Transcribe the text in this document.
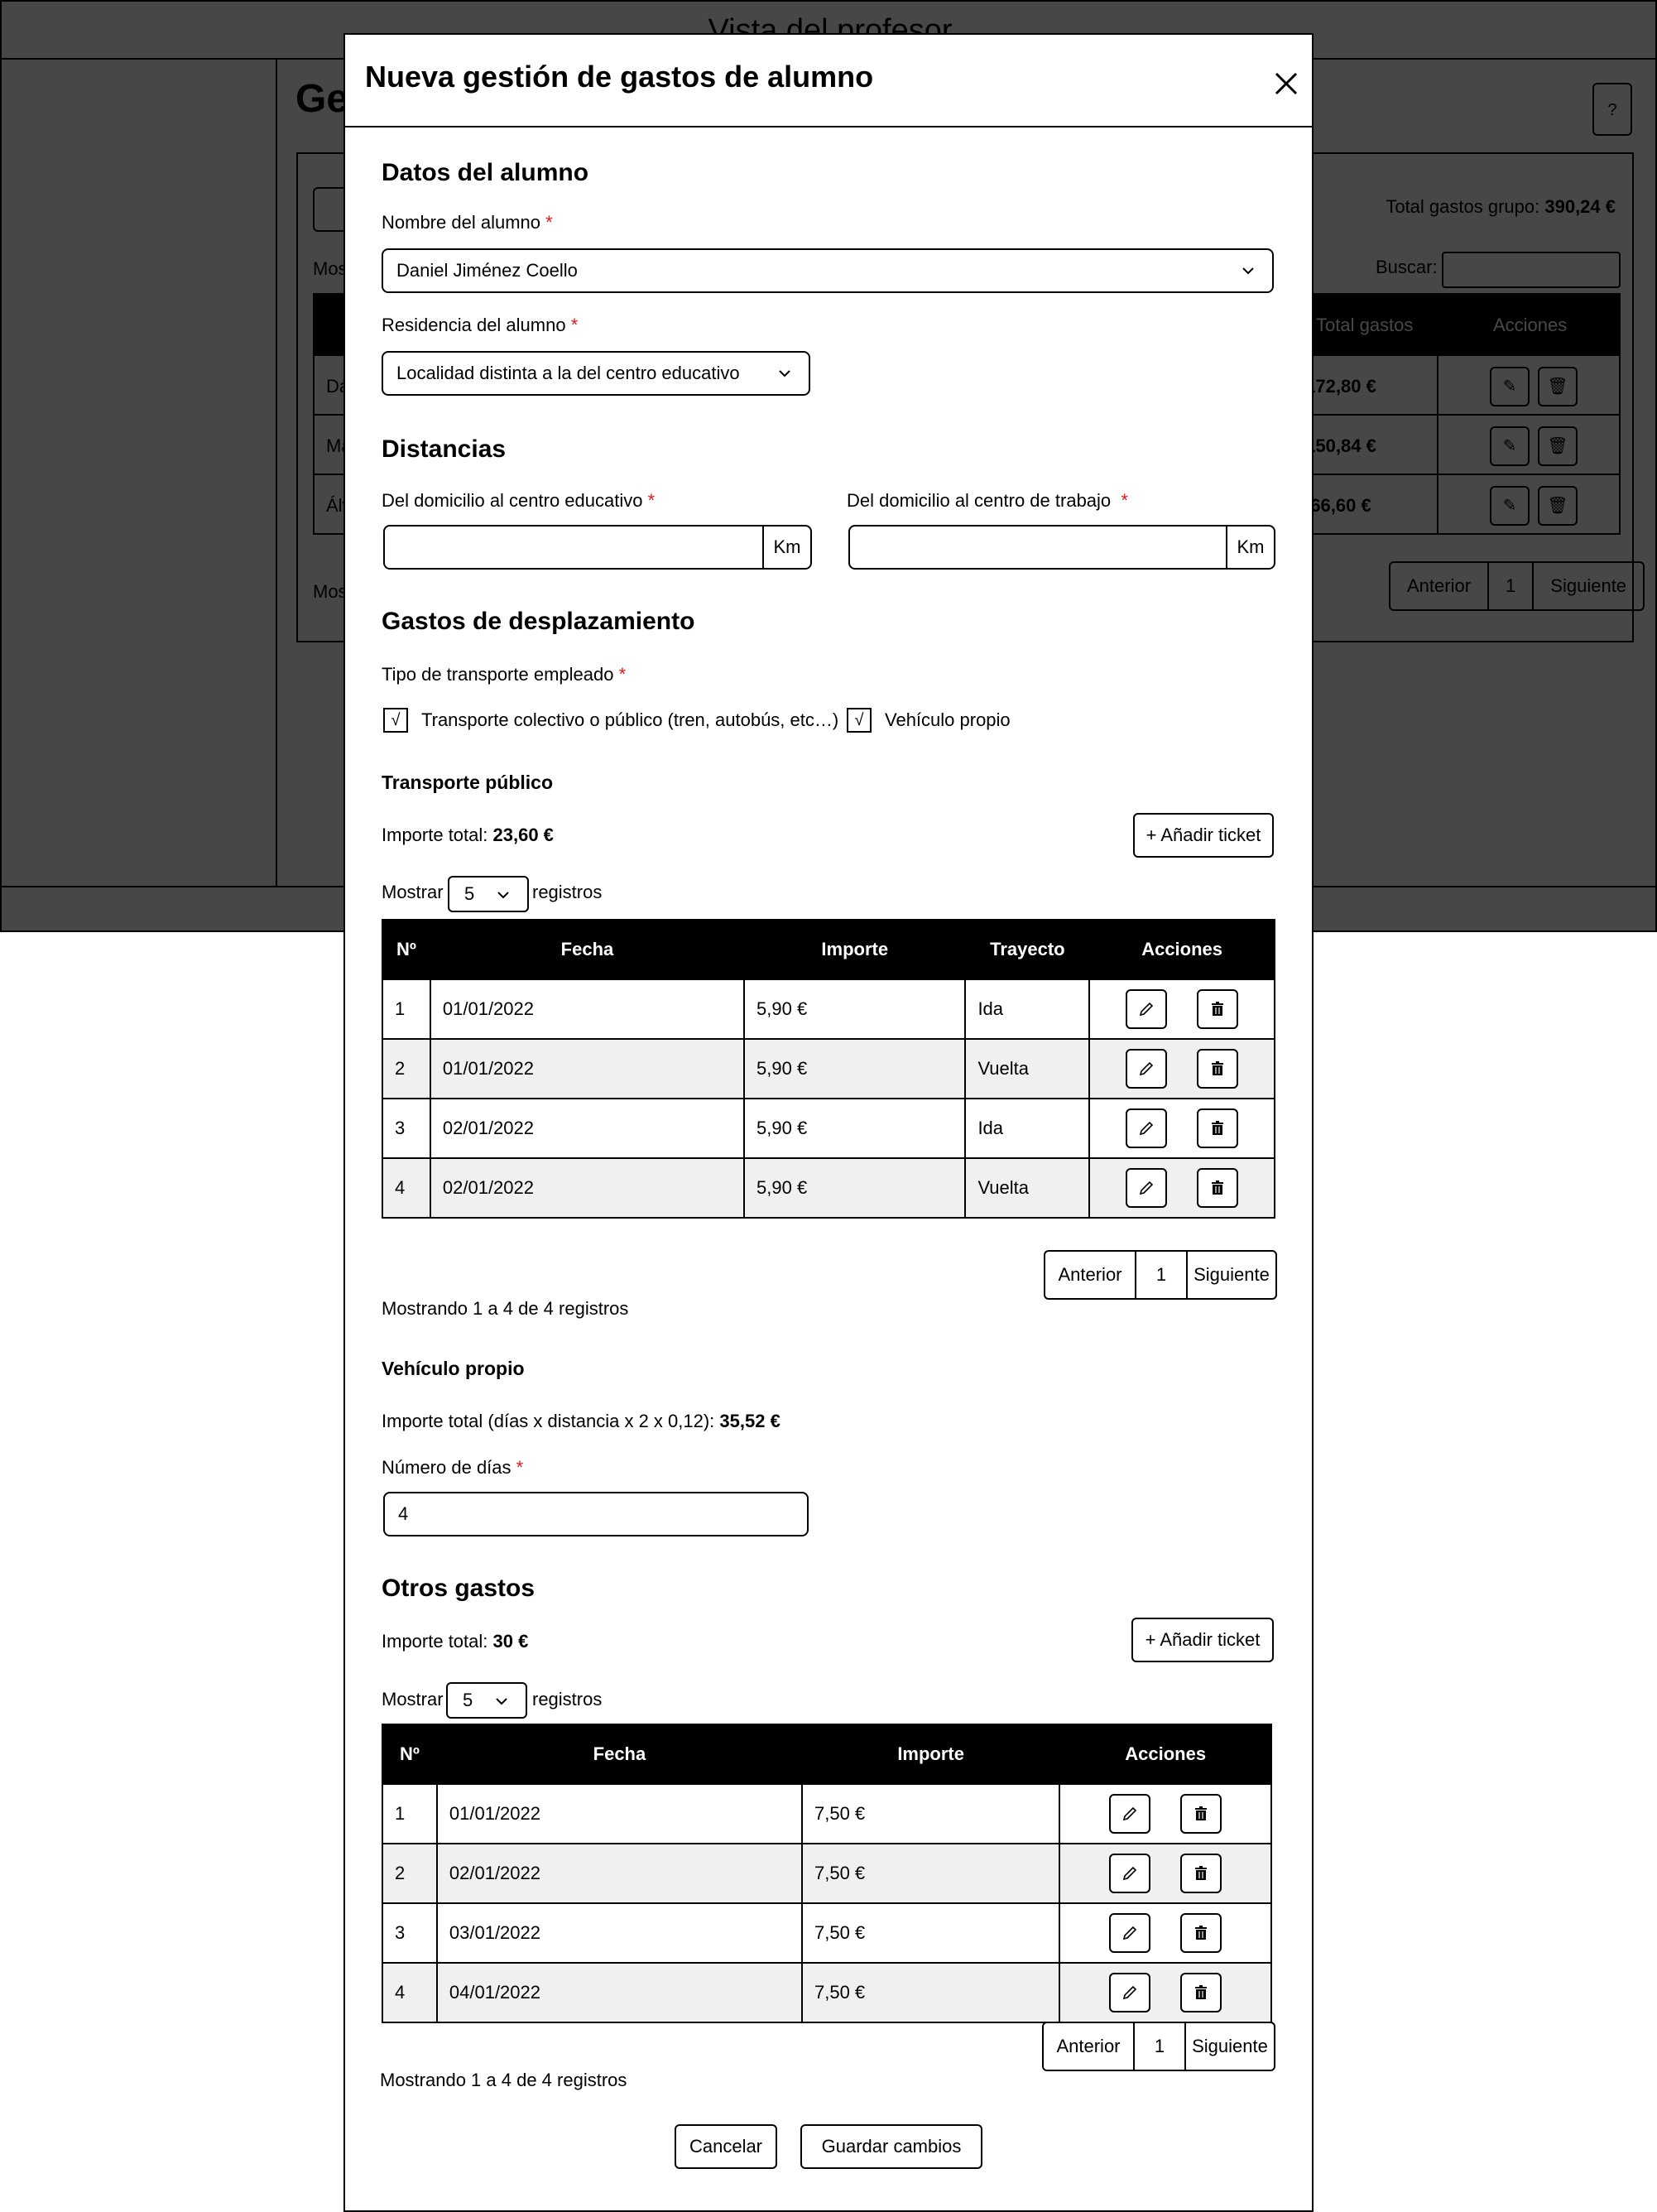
Nueva gestión de gastos de alumno
Datos del alumno
Nombre del alumno *
Daniel Jiménez Coello
Residencia del alumno *
Localidad distinta a la del centro educativo
Distancias
Del domicilio al centro educativo *
Km
Del domicilio al centro de trabajo *
Km
Gastos de desplazamiento
Tipo de transporte empleado *
√	Transporte colectivo o público (tren, autobús, etc…) √	Vehículo propio
Transporte público
Importe total: 23,60 €	+ Añadir ticket
Mostrar	5	registros
Nº	Fecha	Importe	Trayecto	Acciones
1	01/01/2022	5,90 €	Ida	

2	01/01/2022	5,90 €	Vuelta	

3	02/01/2022	5,90 €	Ida	

4	02/01/2022	5,90 €	Vuelta	
Mostrando 1 a 4 de 4 registros
Anterior	1	Siguiente
Vehículo propio
Importe total (días x distancia x 2 x 0,12): 35,52 €
Número de días *
4
Otros gastos
Importe total: 30 €	+ Añadir ticket
Mostrar	5	registros
Nº	Fecha	Importe	Acciones
1	01/01/2022	7,50 €	

2	02/01/2022	7,50 €	

3	03/01/2022	7,50 €	

4	04/01/2022	7,50 €	
Mostrando 1 a 4 de 4 registros
Anterior	1	Siguiente
Cancelar	Guardar cambios
